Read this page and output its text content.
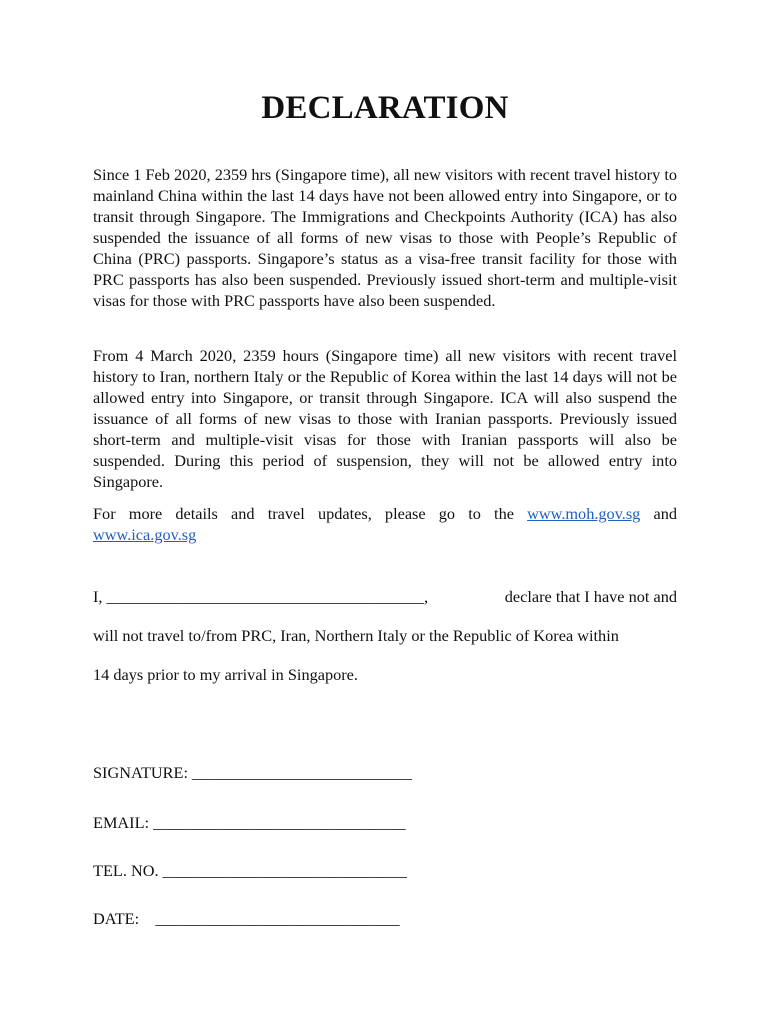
DECLARATION

Since 1 Feb 2020, 2359 hrs (Singapore time), all new visitors with recent travel history to mainland China within the last 14 days have not been allowed entry into Singapore, or to transit through Singapore. The Immigrations and Checkpoints Authority (ICA) has also suspended the issuance of all forms of new visas to those with People’s Republic of China (PRC) passports. Singapore’s status as a visa-free transit facility for those with PRC passports has also been suspended. Previously issued short-term and multiple-visit visas for those with PRC passports have also been suspended.

From 4 March 2020, 2359 hours (Singapore time) all new visitors with recent travel history to Iran, northern Italy or the Republic of Korea within the last 14 days will not be allowed entry into Singapore, or transit through Singapore. ICA will also suspend the issuance of all forms of new visas to those with Iranian passports. Previously issued short-term and multiple-visit visas for those with Iranian passports will also be suspended. During this period of suspension, they will not be allowed entry into Singapore.

For more details and travel updates, please go to the www.moh.gov.sg and www.ica.gov.sg

I, _______________________________________,	declare that I have not and

will not travel to/from PRC, Iran, Northern Italy or the Republic of Korea within

14 days prior to my arrival in Singapore.

SIGNATURE: ___________________________

EMAIL: _______________________________

TEL. NO. ______________________________

DATE:    ______________________________
